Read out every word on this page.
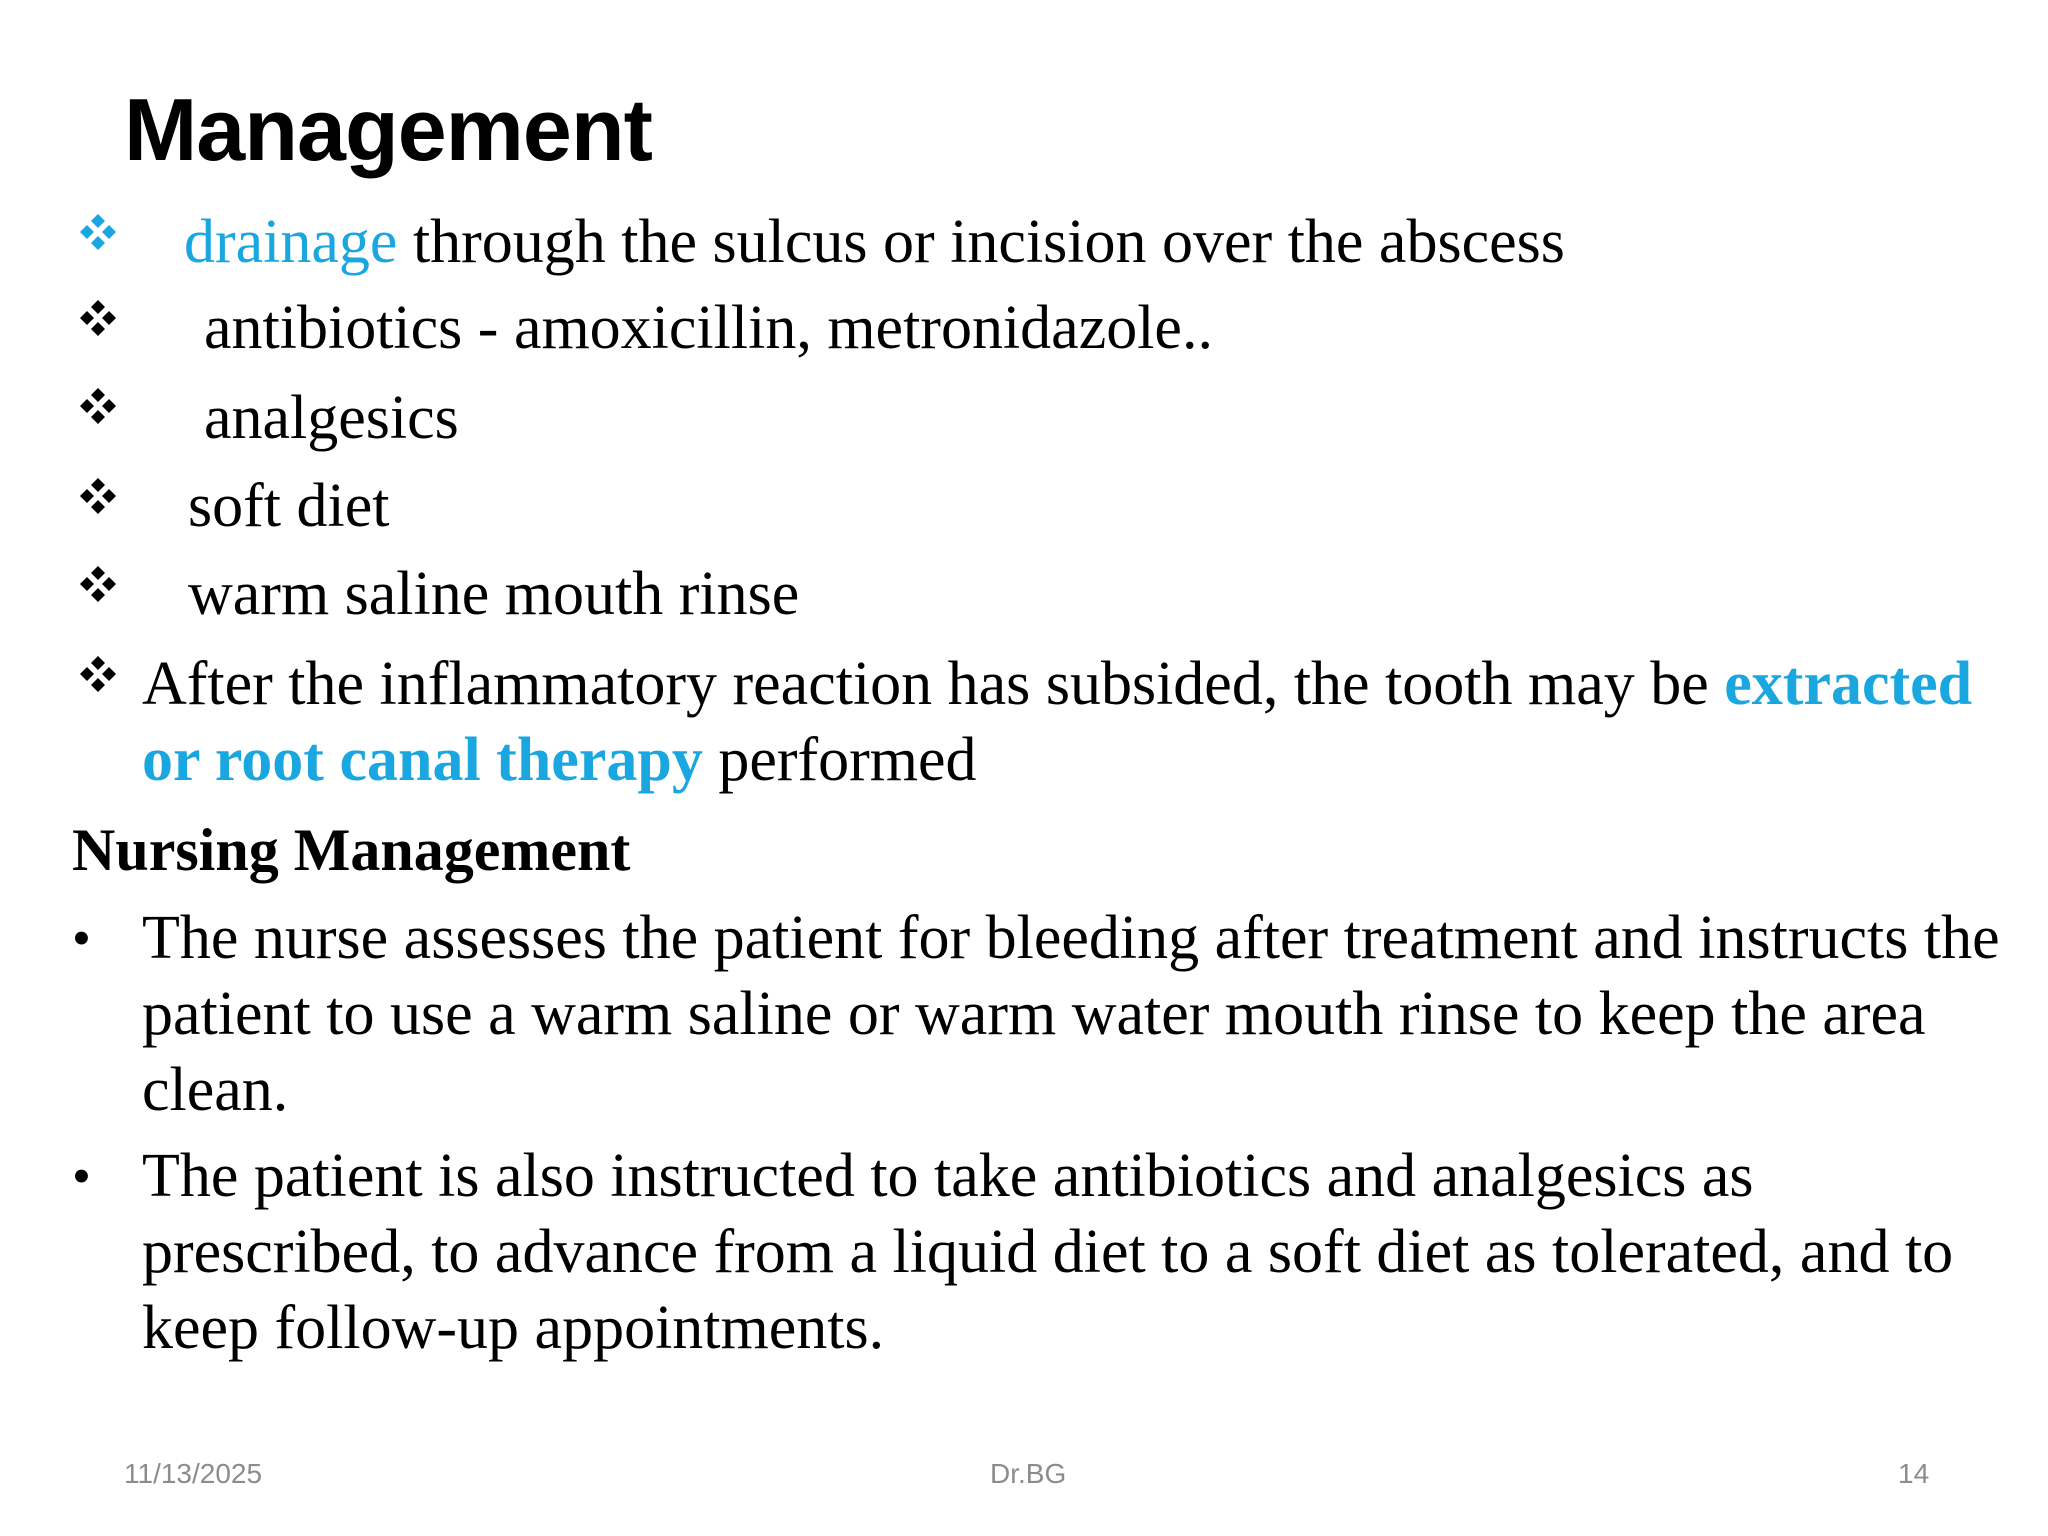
Management
drainage through the sulcus or incision over the abscess
antibiotics - amoxicillin, metronidazole..
analgesics
soft diet
warm saline mouth rinse
After the inflammatory reaction has subsided, the tooth may be extracted
or root canal therapy performed
Nursing Management
• The nurse assesses the patient for bleeding after treatment and instructs the patient to use a warm saline or warm water mouth rinse to keep the area clean.
• The patient is also instructed to take antibiotics and analgesics as prescribed, to advance from a liquid diet to a soft diet as tolerated, and to keep follow-up appointments.
11/13/2025	Dr.BG	14
